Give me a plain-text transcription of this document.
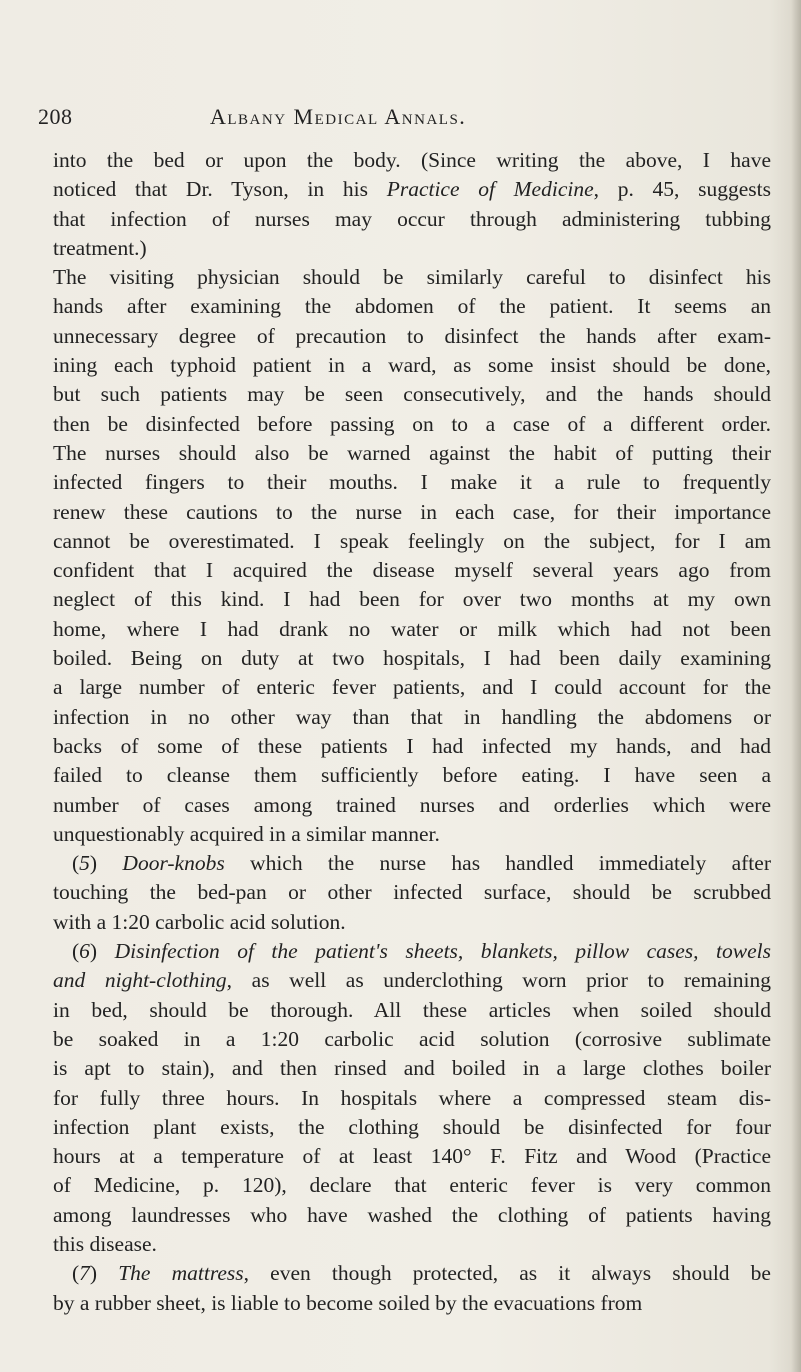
208	Albany Medical Annals.

into the bed or upon the body. (Since writing the above, I have
noticed that Dr. Tyson, in his Practice of Medicine, p. 45, suggests
that infection of nurses may occur through administering tubbing
treatment.)

The visiting physician should be similarly careful to disinfect his
hands after examining the abdomen of the patient. It seems an
unnecessary degree of precaution to disinfect the hands after exam-
ining each typhoid patient in a ward, as some insist should be done,
but such patients may be seen consecutively, and the hands should
then be disinfected before passing on to a case of a different order.
The nurses should also be warned against the habit of putting their
infected fingers to their mouths. I make it a rule to frequently
renew these cautions to the nurse in each case, for their importance
cannot be overestimated. I speak feelingly on the subject, for I am
confident that I acquired the disease myself several years ago from
neglect of this kind. I had been for over two months at my own
home, where I had drank no water or milk which had not been
boiled. Being on duty at two hospitals, I had been daily examining
a large number of enteric fever patients, and I could account for the
infection in no other way than that in handling the abdomens or
backs of some of these patients I had infected my hands, and had
failed to cleanse them sufficiently before eating. I have seen a
number of cases among trained nurses and orderlies which were
unquestionably acquired in a similar manner.

(5) Door-knobs which the nurse has handled immediately after
touching the bed-pan or other infected surface, should be scrubbed
with a 1:20 carbolic acid solution.

(6) Disinfection of the patient's sheets, blankets, pillow cases, towels
and night-clothing, as well as underclothing worn prior to remaining
in bed, should be thorough. All these articles when soiled should
be soaked in a 1:20 carbolic acid solution (corrosive sublimate
is apt to stain), and then rinsed and boiled in a large clothes boiler
for fully three hours. In hospitals where a compressed steam dis-
infection plant exists, the clothing should be disinfected for four
hours at a temperature of at least 140° F. Fitz and Wood (Practice
of Medicine, p. 120), declare that enteric fever is very common
among laundresses who have washed the clothing of patients having
this disease.

(7) The mattress, even though protected, as it always should be
by a rubber sheet, is liable to become soiled by the evacuations from
